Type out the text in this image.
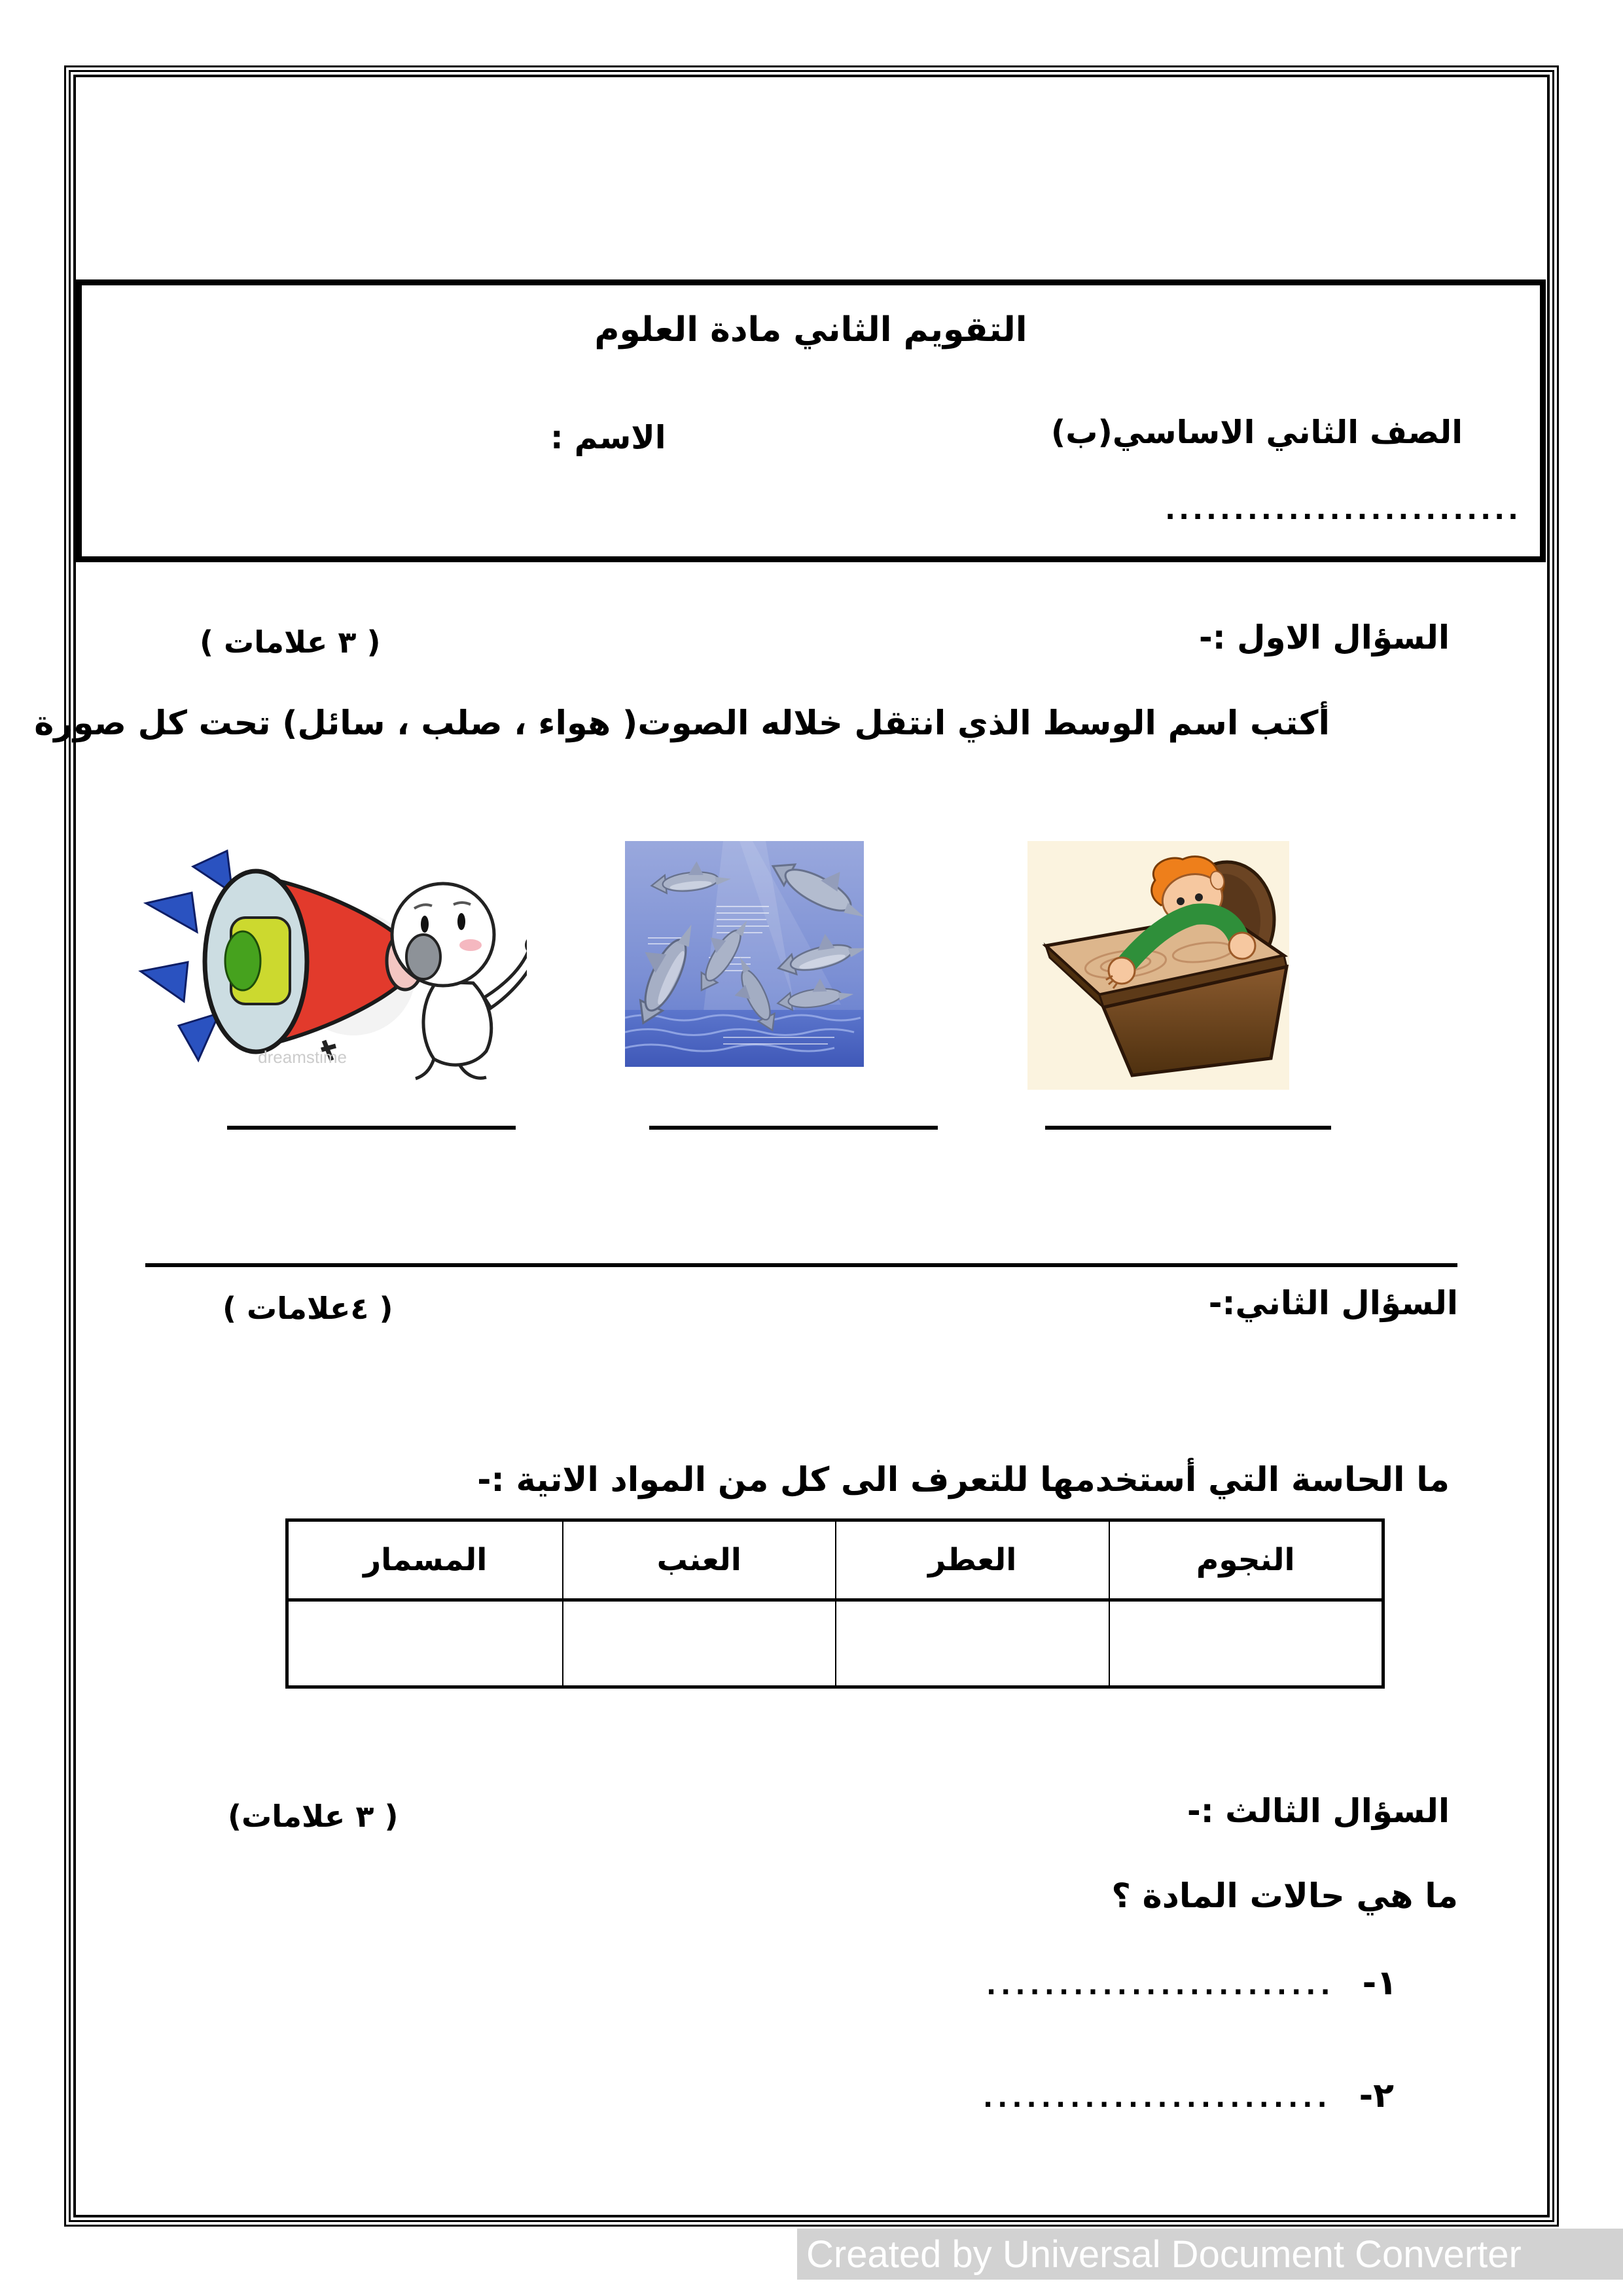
التقويم الثاني مادة العلوم
الصف الثاني الاساسي(ب)
الاسم :
..........................
السؤال الاول :-
( ٣ علامات )
أكتب اسم الوسط الذي انتقل خلاله الصوت( هواء ، صلب ، سائل) تحت كل صورة
dreamstime
السؤال الثاني:-
( ٤علامات )
ما الحاسة التي أستخدمها للتعرف الى كل من المواد الاتية :-
النجوم
العطر
العنب
المسمار
السؤال الثالث :-
( ٣ علامات)
ما هي حالات المادة ؟
١-
........................
٢-
........................
Created by Universal Document Converter
